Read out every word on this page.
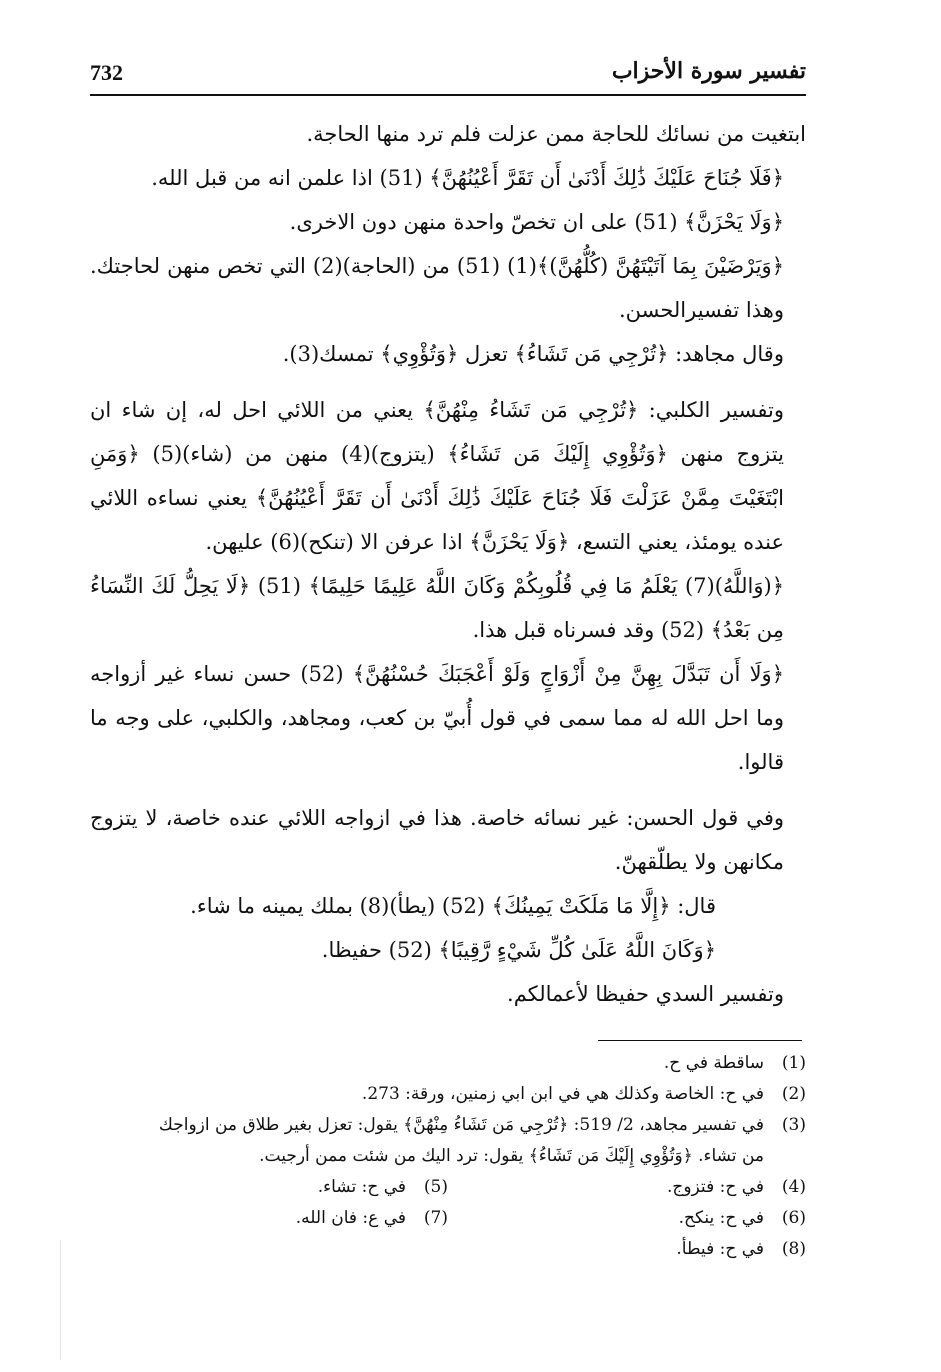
732	تفسير سورة الأحزاب

ابتغيت من نسائك للحاجة ممن عزلت فلم ترد منها الحاجة.

﴿فَلَا جُنَاحَ عَلَيْكَ ذَٰلِكَ أَدْنَىٰ أَن تَقَرَّ أَعْيُنُهُنَّ﴾ (51) اذا علمن انه من قبل الله.

﴿وَلَا يَحْزَنَّ﴾ (51) على ان تخصّ واحدة منهن دون الاخرى.

﴿وَيَرْضَيْنَ بِمَا آتَيْتَهُنَّ (كُلُّهُنَّ)﴾(1) (51) من (الحاجة)(2) التي تخص منهن لحاجتك. وهذا تفسيرالحسن.

وقال مجاهد: ﴿تُرْجِي مَن تَشَاءُ﴾ تعزل ﴿وَتُؤْوِي﴾ تمسك(3).

وتفسير الكلبي: ﴿تُرْجِي مَن تَشَاءُ مِنْهُنَّ﴾ يعني من اللائي احل له، إن شاء ان يتزوج منهن ﴿وَتُؤْوِي إِلَيْكَ مَن تَشَاءُ﴾ (يتزوج)(4) منهن من (شاء)(5) ﴿وَمَنِ ابْتَغَيْتَ مِمَّنْ عَزَلْتَ فَلَا جُنَاحَ عَلَيْكَ ذَٰلِكَ أَدْنَىٰ أَن تَقَرَّ أَعْيُنُهُنَّ﴾ يعني نساءه اللائي عنده يومئذ، يعني التسع، ﴿وَلَا يَحْزَنَّ﴾ اذا عرفن الا (تنكح)(6) عليهن.

﴿(وَاللَّهُ)(7) يَعْلَمُ مَا فِي قُلُوبِكُمْ وَكَانَ اللَّهُ عَلِيمًا حَلِيمًا﴾ (51) ﴿لَا يَحِلُّ لَكَ النِّسَاءُ مِن بَعْدُ﴾ (52) وقد فسرناه قبل هذا.

﴿وَلَا أَن تَبَدَّلَ بِهِنَّ مِنْ أَزْوَاجٍ وَلَوْ أَعْجَبَكَ حُسْنُهُنَّ﴾ (52) حسن نساء غير أزواجه وما احل الله له مما سمى في قول أُبيّ بن كعب، ومجاهد، والكلبي، على وجه ما قالوا.

وفي قول الحسن: غير نسائه خاصة. هذا في ازواجه اللائي عنده خاصة، لا يتزوج مكانهن ولا يطلّقهنّ.

قال: ﴿إِلَّا مَا مَلَكَتْ يَمِينُكَ﴾ (52) (يطأ)(8) بملك يمينه ما شاء.

﴿وَكَانَ اللَّهُ عَلَىٰ كُلِّ شَيْءٍ رَّقِيبًا﴾ (52) حفيظا.

وتفسير السدي حفيظا لأعمالكم.

(1)
ساقطة في ح.
(2)
في ح: الخاصة وكذلك هي في ابن ابي زمنين، ورقة: 273.
(3)
في تفسير مجاهد، 2/ 519: ﴿تُرْجِي مَن تَشَاءُ مِنْهُنَّ﴾ يقول: تعزل بغير طلاق من ازواجك
من تشاء. ﴿وَتُؤْوِي إِلَيْكَ مَن تَشَاءُ﴾ يقول: ترد اليك من شئت ممن أرجيت.
(4)
في ح: فتزوج.
(5)
في ح: تشاء.
(6)
في ح: ينكح.
(7)
في ع: فان الله.
(8)
في ح: فيطأ.
